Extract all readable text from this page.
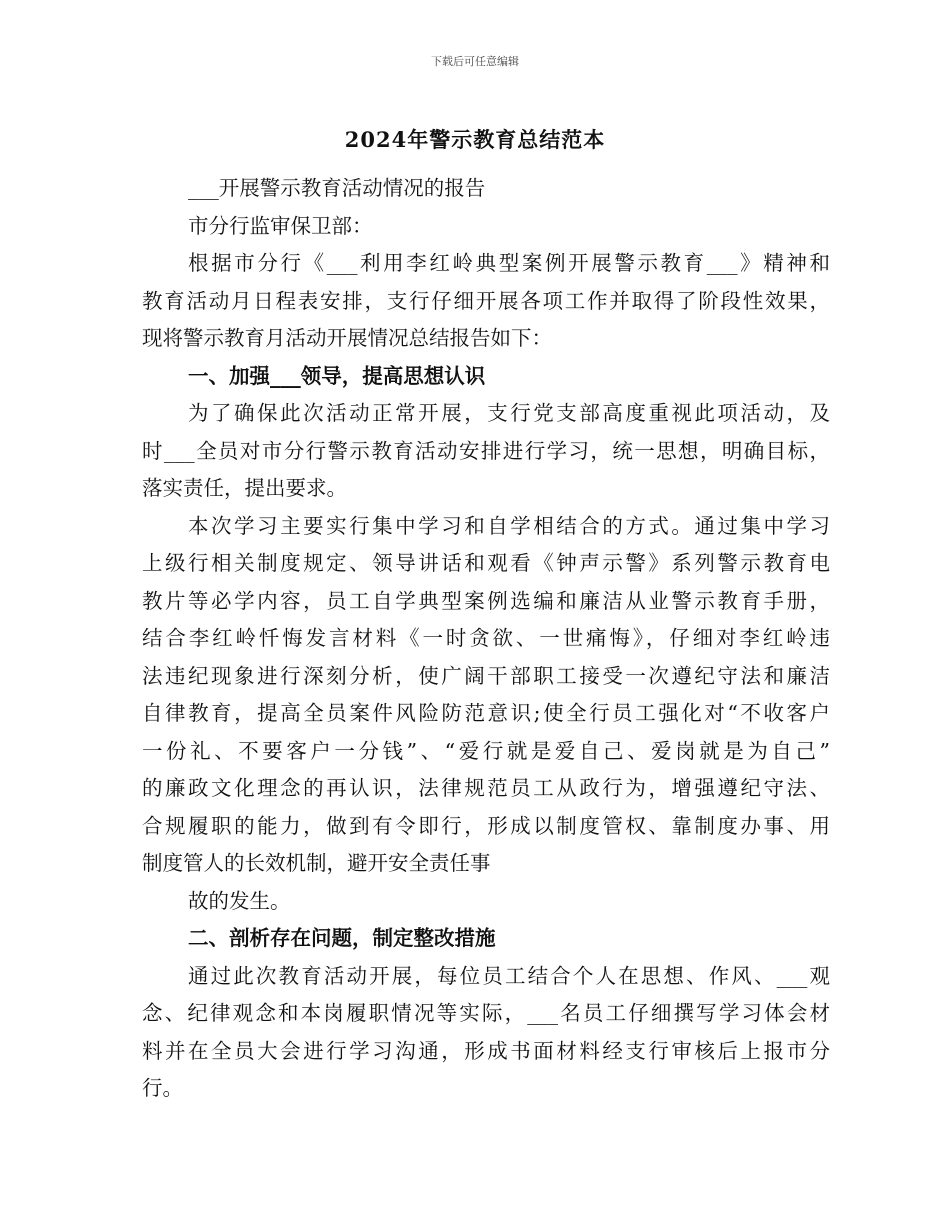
下载后可任意编辑
2024年警示教育总结范本
___开展警示教育活动情况的报告
市分行监审保卫部：
根据市分行《___利用李红岭典型案例开展警示教育___》精神和
教育活动月日程表安排，支行仔细开展各项工作并取得了阶段性效果，
现将警示教育月活动开展情况总结报告如下：
一、加强___领导，提高思想认识
为了确保此次活动正常开展，支行党支部高度重视此项活动，及
时___全员对市分行警示教育活动安排进行学习，统一思想，明确目标，
落实责任，提出要求。
本次学习主要实行集中学习和自学相结合的方式。通过集中学习
上级行相关制度规定、领导讲话和观看《钟声示警》系列警示教育电
教片等必学内容，员工自学典型案例选编和廉洁从业警示教育手册，
结合李红岭忏悔发言材料《一时贪欲、一世痛悔》，仔细对李红岭违
法违纪现象进行深刻分析，使广阔干部职工接受一次遵纪守法和廉洁
自律教育，提高全员案件风险防范意识;使全行员工强化对“不收客户
一份礼、不要客户一分钱”、“爱行就是爱自己、爱岗就是为自己”
的廉政文化理念的再认识，法律规范员工从政行为，增强遵纪守法、
合规履职的能力，做到有令即行，形成以制度管权、靠制度办事、用
制度管人的长效机制，避开安全责任事
故的发生。
二、剖析存在问题，制定整改措施
通过此次教育活动开展，每位员工结合个人在思想、作风、___观
念、纪律观念和本岗履职情况等实际，___名员工仔细撰写学习体会材
料并在全员大会进行学习沟通，形成书面材料经支行审核后上报市分
行。
